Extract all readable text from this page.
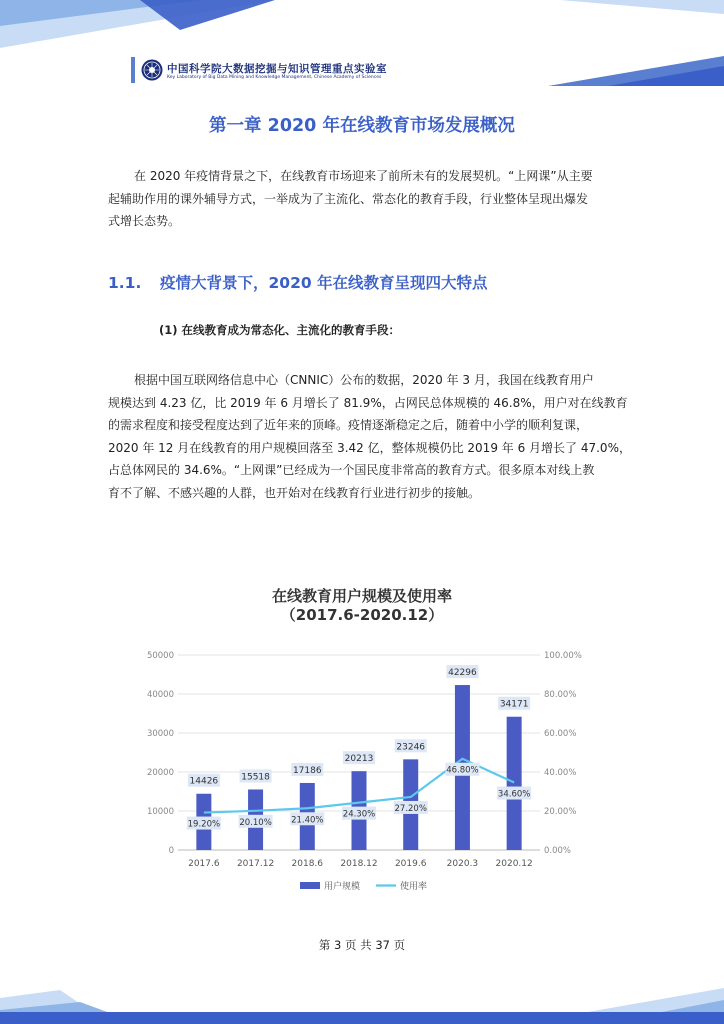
中国科学院大数据挖掘与知识管理重点实验室
Key Laboratory of Big Data Mining and Knowledge Management, Chinese Academy of Sciences
第一章 2020 年在线教育市场发展概况
在 2020 年疫情背景之下，在线教育市场迎来了前所未有的发展契机。“上网课”从主要
起辅助作用的课外辅导方式，一举成为了主流化、常态化的教育手段，行业整体呈现出爆发
式增长态势。
1.1. 疫情大背景下，2020 年在线教育呈现四大特点
(1) 在线教育成为常态化、主流化的教育手段：
根据中国互联网络信息中心（CNNIC）公布的数据，2020 年 3 月，我国在线教育用户
规模达到 4.23 亿，比 2019 年 6 月增长了 81.9%，占网民总体规模的 46.8%，用户对在线教育
的需求程度和接受程度达到了近年来的顶峰。疫情逐渐稳定之后，随着中小学的顺利复课，
2020 年 12 月在线教育的用户规模回落至 3.42 亿，整体规模仍比 2019 年 6 月增长了 47.0%，
占总体网民的 34.6%。“上网课”已经成为一个国民度非常高的教育方式。很多原本对线上教
育不了解、不感兴趣的人群，也开始对在线教育行业进行初步的接触。
在线教育用户规模及使用率
（2017.6-2020.12）
0
10000
20000
30000
40000
50000
0.00%
20.00%
40.00%
60.00%
80.00%
100.00%
14426	15518
17186
20213
23246
42296
34171
19.20% 20.10% 21.40%
24.30%
27.20%
46.80%
34.60%
2017.6 2017.12 2018.6 2018.12 2019.6 2020.3 2020.12
用户规模	使用率
第 3 页 共 37 页
